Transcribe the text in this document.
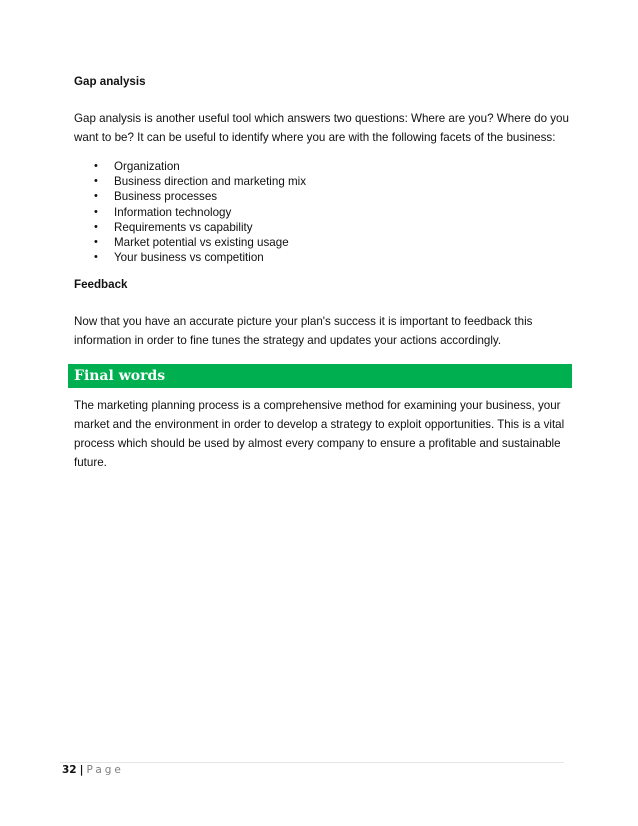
Gap analysis

Gap analysis is another useful tool which answers two questions: Where are you? Where do you want to be? It can be useful to identify where you are with the following facets of the business:

• Organization
• Business direction and marketing mix
• Business processes
• Information technology
• Requirements vs capability
• Market potential vs existing usage
• Your business vs competition

Feedback

Now that you have an accurate picture your plan's success it is important to feedback this information in order to fine tunes the strategy and updates your actions accordingly.

Final words

The marketing planning process is a comprehensive method for examining your business, your market and the environment in order to develop a strategy to exploit opportunities. This is a vital process which should be used by almost every company to ensure a profitable and sustainable future.

32 | Page
